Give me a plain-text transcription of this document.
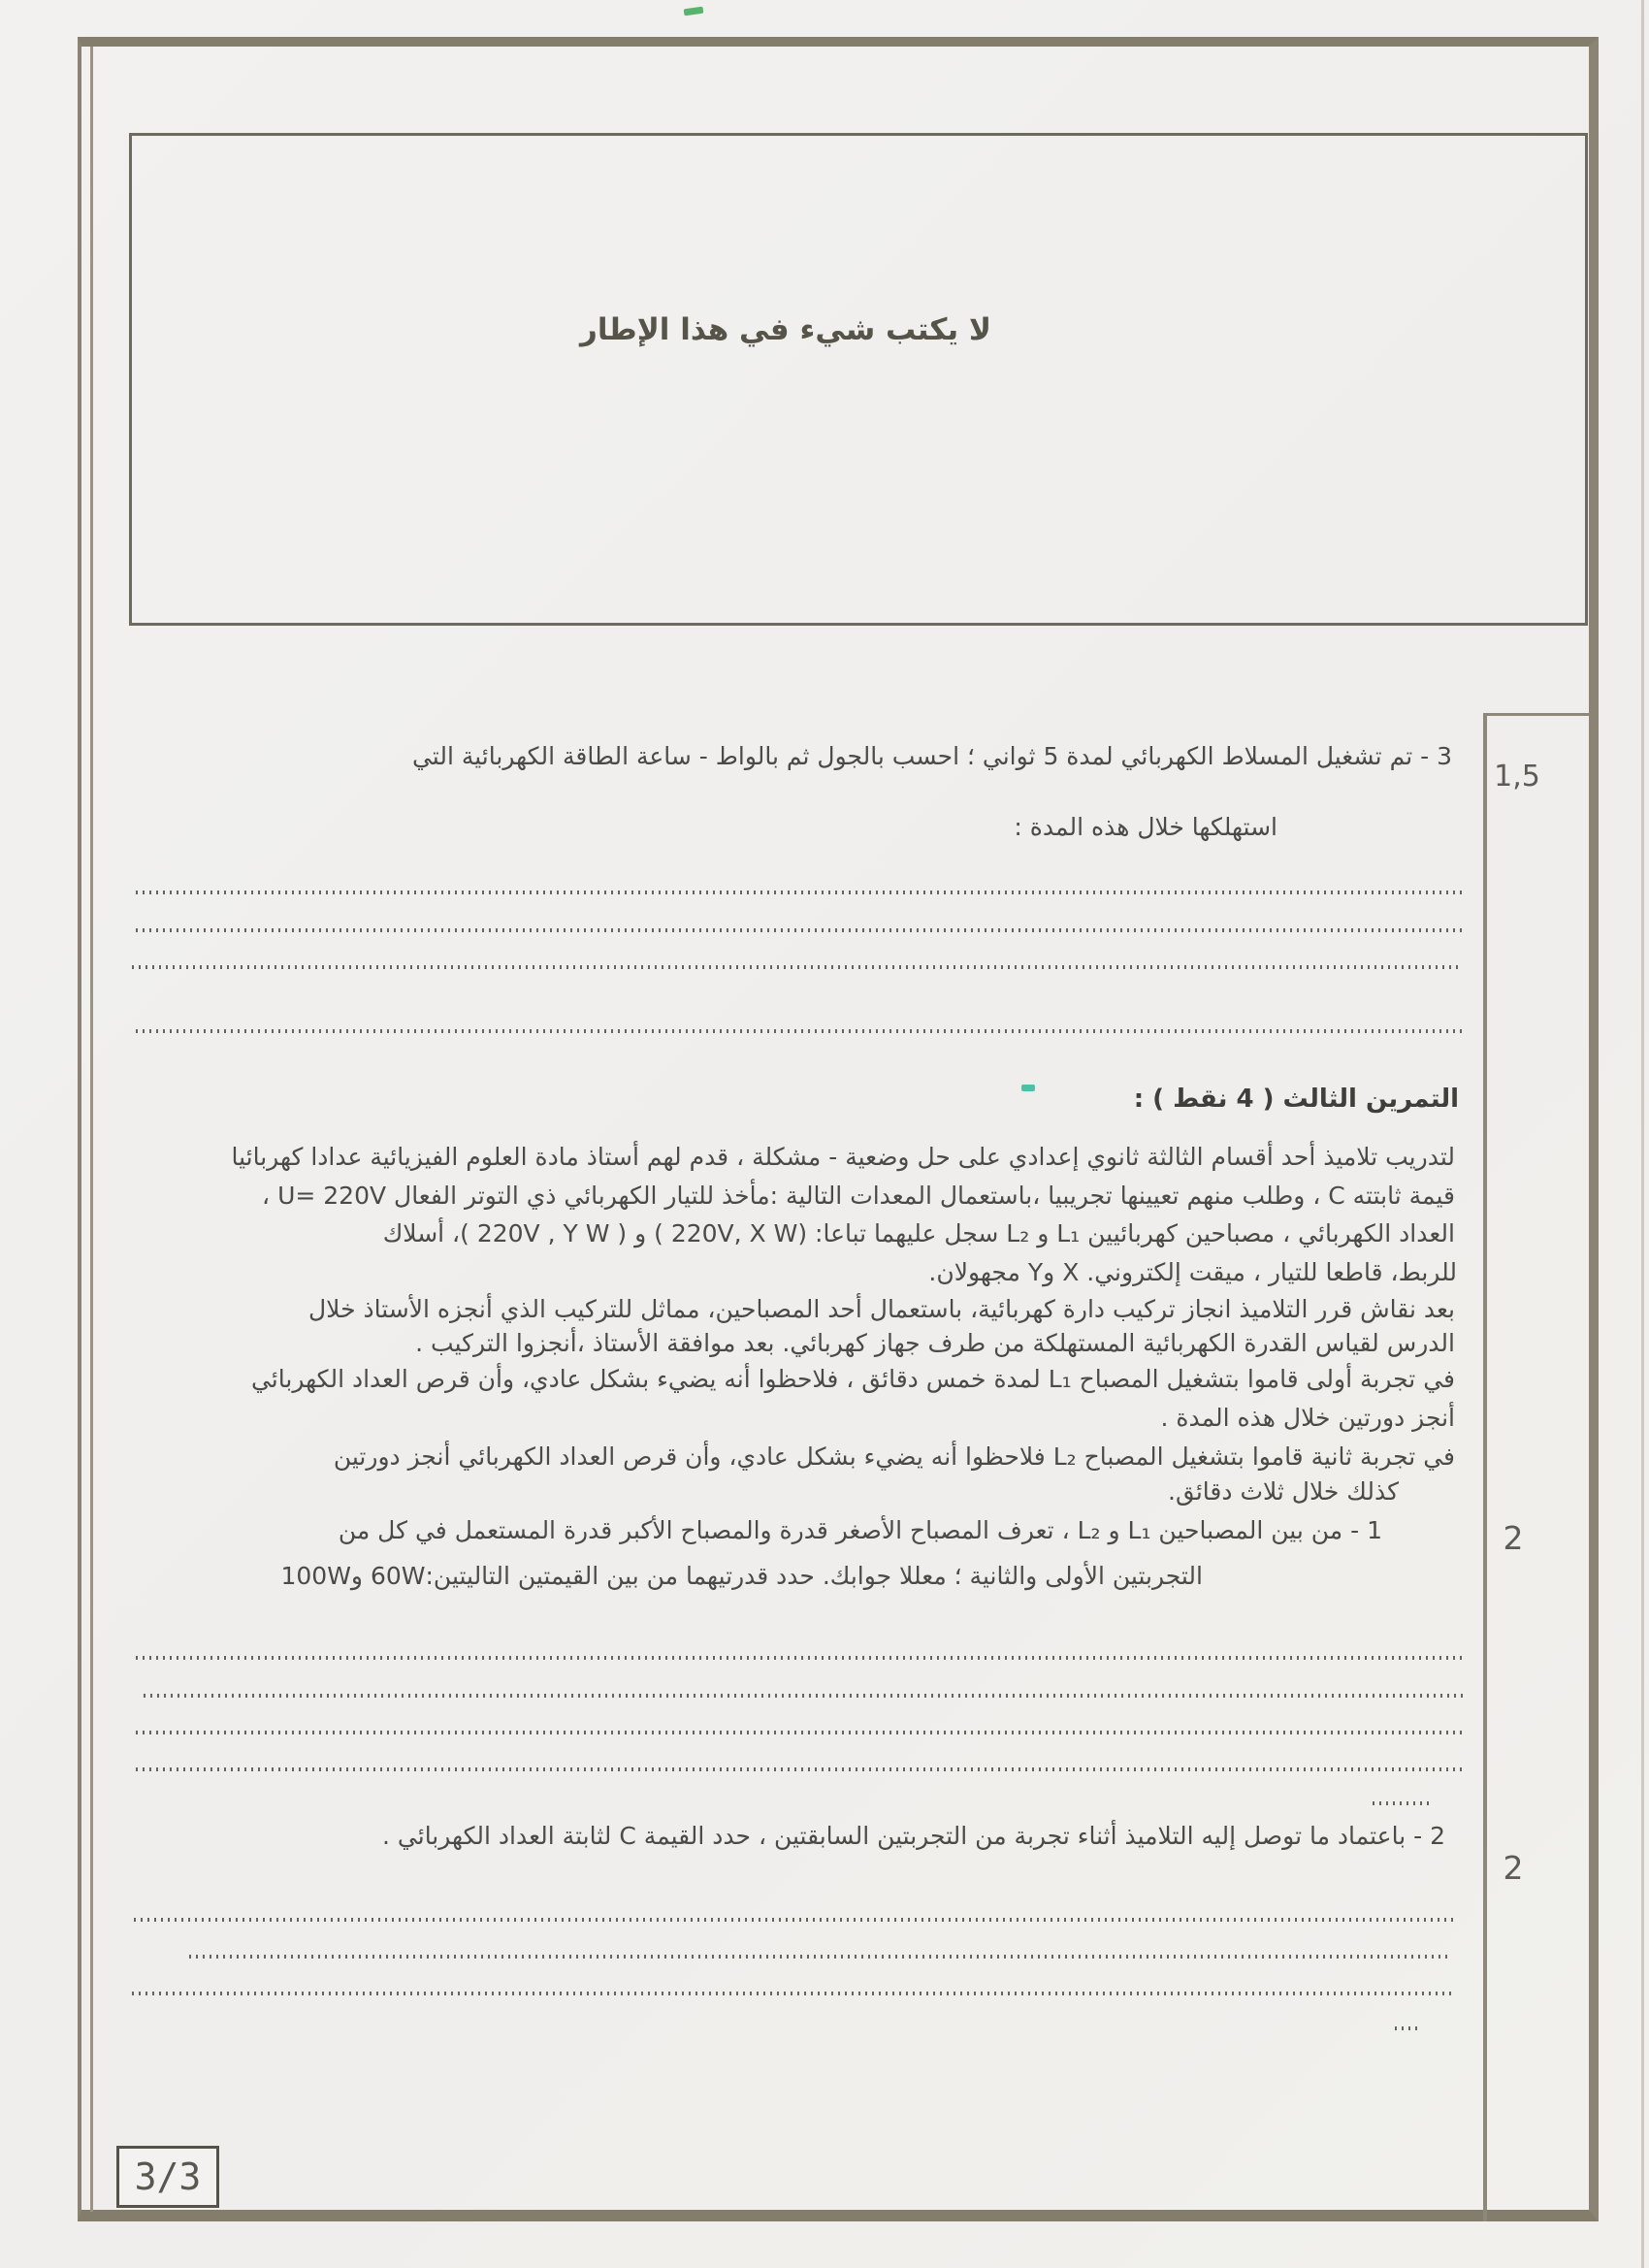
لا يكتب شيء في هذا الإطار
1,5
2
2
3 - تم تشغيل المسلاط الكهربائي لمدة 5 ثواني ؛ احسب بالجول ثم بالواط - ساعة الطاقة الكهربائية التي
استهلكها خلال هذه المدة :
التمرين الثالث ( 4 نقط ) :
لتدريب تلاميذ أحد أقسام الثالثة ثانوي إعدادي على حل وضعية - مشكلة ، قدم لهم أستاذ مادة العلوم الفيزيائية عدادا كهربائيا
قيمة ثابتته C ، وطلب منهم تعيينها تجريبيا ،باستعمال المعدات التالية :مأخذ للتيار الكهربائي ذي التوتر الفعال U= 220V ،
العداد الكهربائي ، مصباحين كهربائيين L₁ و L₂ سجل عليهما تباعا: (220V, X W ) و ( 220V , Y W )، أسلاك
للربط، قاطعا للتيار ، ميقت إلكتروني. X وY مجهولان.
بعد نقاش قرر التلاميذ انجاز تركيب دارة كهربائية، باستعمال أحد المصباحين، مماثل للتركيب الذي أنجزه الأستاذ خلال
الدرس لقياس القدرة الكهربائية المستهلكة من طرف جهاز كهربائي. بعد موافقة الأستاذ ،أنجزوا التركيب .
في تجربة أولى قاموا بتشغيل المصباح L₁ لمدة خمس دقائق ، فلاحظوا أنه يضيء بشكل عادي، وأن قرص العداد الكهربائي
أنجز دورتين خلال هذه المدة .
في تجربة ثانية قاموا بتشغيل المصباح L₂ فلاحظوا أنه يضيء بشكل عادي، وأن قرص العداد الكهربائي أنجز دورتين
كذلك خلال ثلاث دقائق.
1 - من بين المصباحين L₁ و L₂ ، تعرف المصباح الأصغر قدرة والمصباح الأكبر قدرة المستعمل في كل من
التجربتين الأولى والثانية ؛ معللا جوابك. حدد قدرتيهما من بين القيمتين التاليتين:60W و100W
2 - باعتماد ما توصل إليه التلاميذ أثناء تجربة من التجربتين السابقتين ، حدد القيمة C لثابتة العداد الكهربائي .
3/3
